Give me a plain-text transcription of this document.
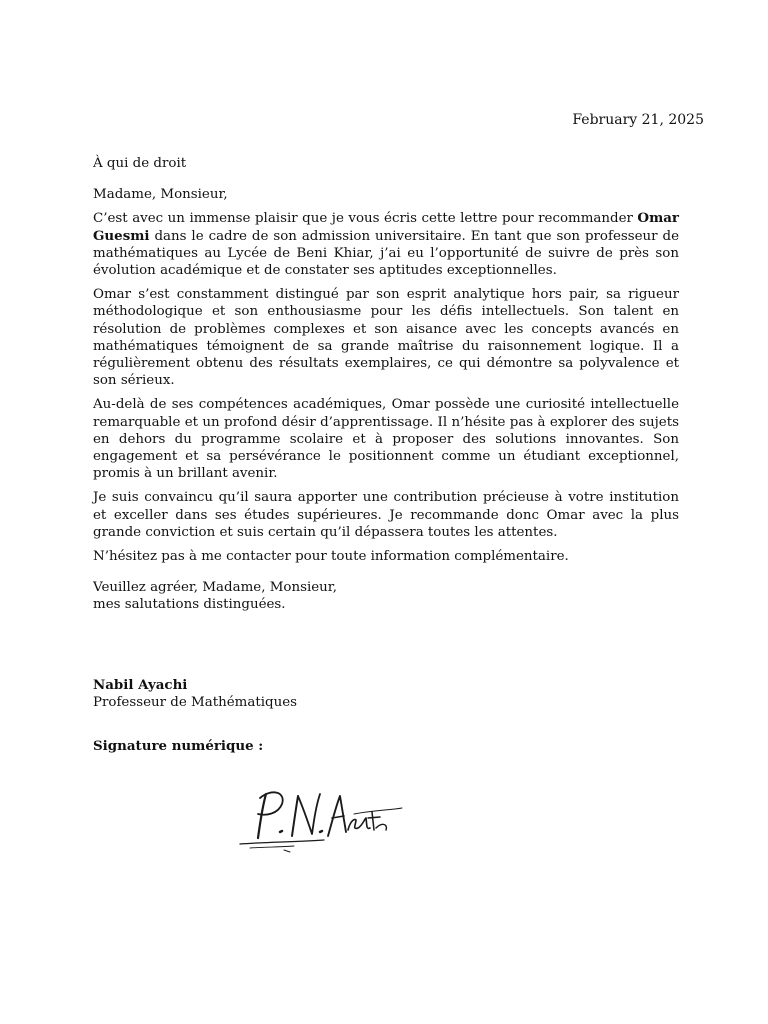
February 21, 2025

À qui de droit

Madame, Monsieur,

C’est avec un immense plaisir que je vous écris cette lettre pour recommander Omar Guesmi dans le cadre de son admission universitaire. En tant que son professeur de mathématiques au Lycée de Beni Khiar, j’ai eu l’opportunité de suivre de près son évolution académique et de constater ses aptitudes exceptionnelles.

Omar s’est constamment distingué par son esprit analytique hors pair, sa rigueur méthodologique et son enthousiasme pour les défis intellectuels. Son talent en résolution de problèmes complexes et son aisance avec les concepts avancés en mathématiques témoignent de sa grande maîtrise du raisonnement logique. Il a régulièrement obtenu des résultats exemplaires, ce qui démontre sa polyvalence et son sérieux.

Au-delà de ses compétences académiques, Omar possède une curiosité intellectuelle remarquable et un profond désir d’apprentissage. Il n’hésite pas à explorer des sujets en dehors du programme scolaire et à proposer des solutions innovantes. Son engagement et sa persévérance le positionnent comme un étudiant exceptionnel, promis à un brillant avenir.

Je suis convaincu qu’il saura apporter une contribution précieuse à votre institution et exceller dans ses études supérieures. Je recommande donc Omar avec la plus grande conviction et suis certain qu’il dépassera toutes les attentes.

N’hésitez pas à me contacter pour toute information complémentaire.

Veuillez agréer, Madame, Monsieur,
mes salutations distinguées.

Nabil Ayachi
Professeur de Mathématiques
Signature numérique :
